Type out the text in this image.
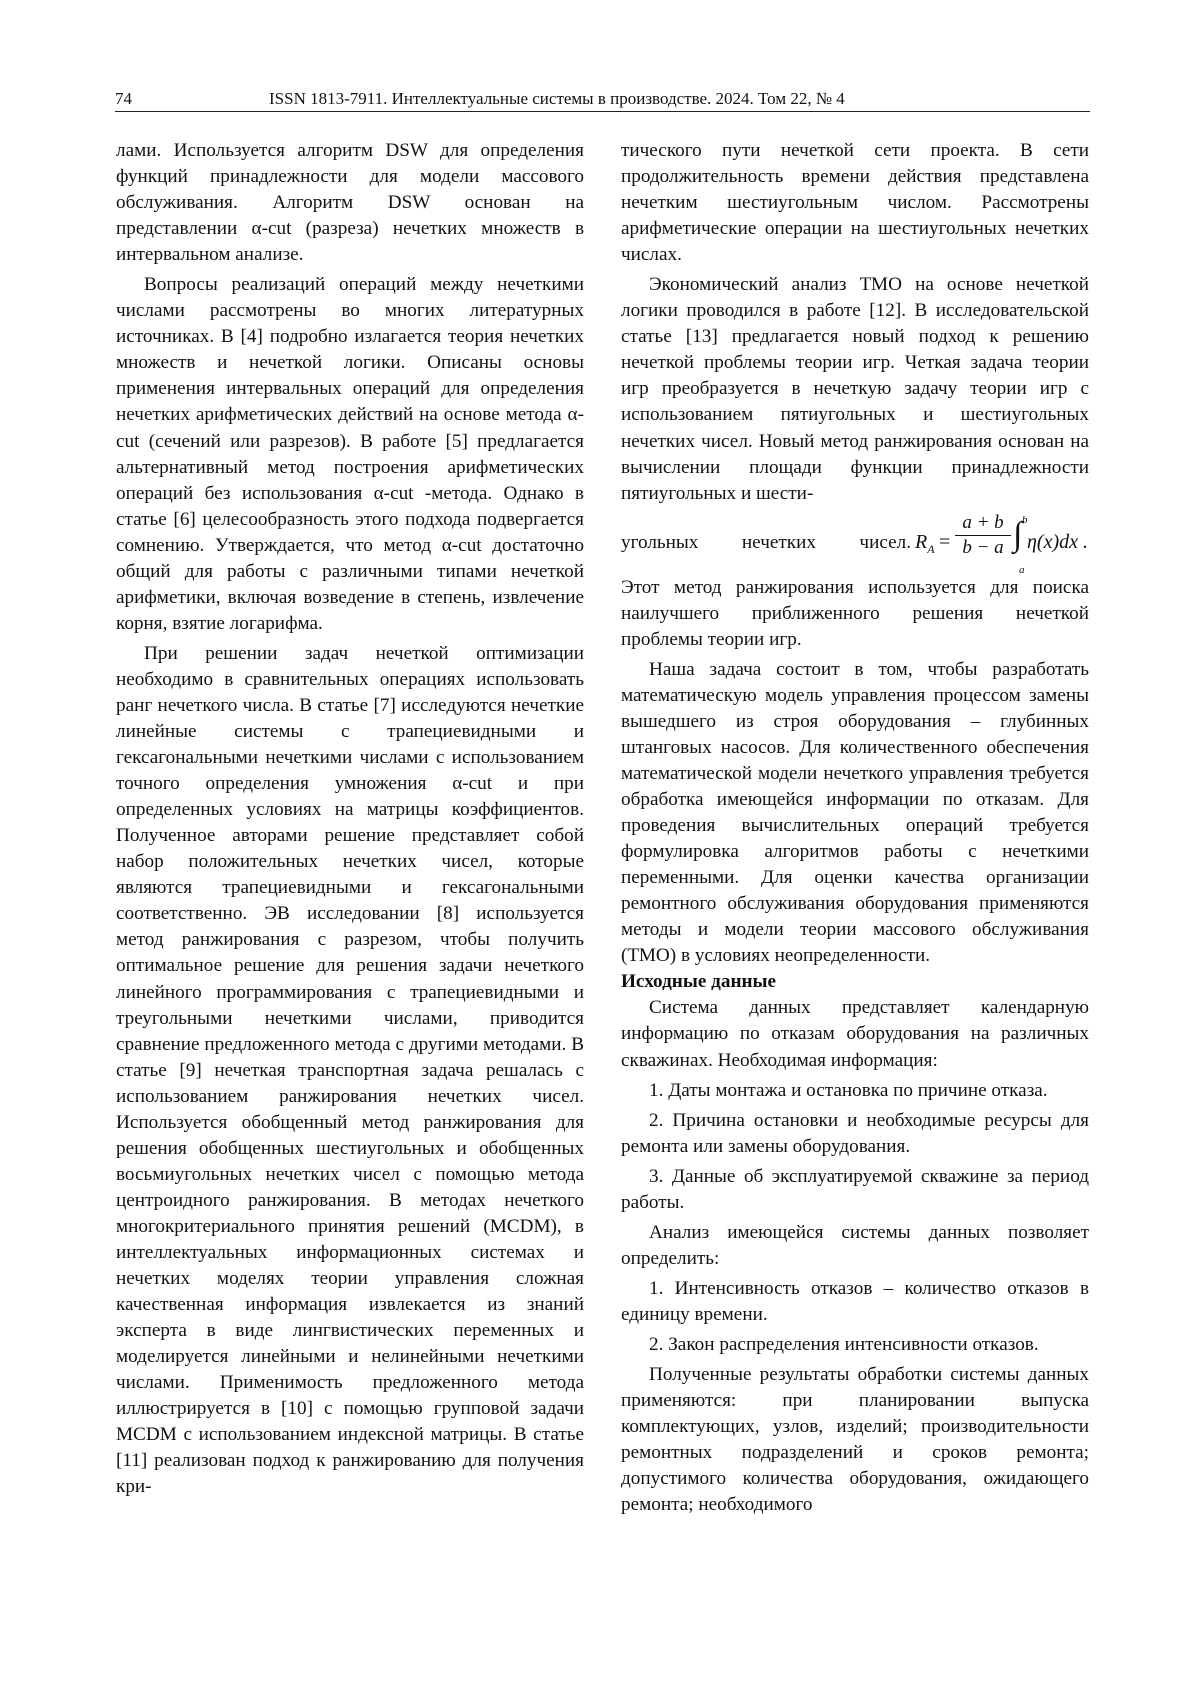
74	ISSN 1813-7911. Интеллектуальные системы в производстве. 2024. Том 22, № 4

лами. Используется алгоритм DSW для определения функций принадлежности для модели массового обслуживания. Алгоритм DSW основан на представлении α-cut (разреза) нечетких множеств в интервальном анализе.

Вопросы реализаций операций между нечеткими числами рассмотрены во многих литературных источниках. В [4] подробно излагается теория нечетких множеств и нечеткой логики. Описаны основы применения интервальных операций для определения нечетких арифметических действий на основе метода α-cut (сечений или разрезов). В работе [5] предлагается альтернативный метод построения арифметических операций без использования α-cut -метода. Однако в статье [6] целесообразность этого подхода подвергается сомнению. Утверждается, что метод α-cut достаточно общий для работы с различными типами нечеткой арифметики, включая возведение в степень, извлечение корня, взятие логарифма.

При решении задач нечеткой оптимизации необходимо в сравнительных операциях использовать ранг нечеткого числа. В статье [7] исследуются нечеткие линейные системы с трапециевидными и гексагональными нечеткими числами с использованием точного определения умножения α-cut и при определенных условиях на матрицы коэффициентов. Полученное авторами решение представляет собой набор положительных нечетких чисел, которые являются трапециевидными и гексагональными соответственно. ЭВ исследовании [8] используется метод ранжирования с разрезом, чтобы получить оптимальное решение для решения задачи нечеткого линейного программирования с трапециевидными и треугольными нечеткими числами, приводится сравнение предложенного метода с другими методами. В статье [9] нечеткая транспортная задача решалась с использованием ранжирования нечетких чисел. Используется обобщенный метод ранжирования для решения обобщенных шестиугольных и обобщенных восьмиугольных нечетких чисел с помощью метода центроидного ранжирования. В методах нечеткого многокритериального принятия решений (MCDM), в интеллектуальных информационных системах и нечетких моделях теории управления сложная качественная информация извлекается из знаний эксперта в виде лингвистических переменных и моделируется линейными и нелинейными нечеткими числами. Применимость предложенного метода иллюстрируется в [10] с помощью групповой задачи MCDM с использованием индексной матрицы. В статье [11] реализован подход к ранжированию для получения кри-

тического пути нечеткой сети проекта. В сети продолжительность времени действия представлена нечетким шестиугольным числом. Рассмотрены арифметические операции на шестиугольных нечетких числах.

Экономический анализ ТМО на основе нечеткой логики проводился в работе [12]. В исследовательской статье [13] предлагается новый подход к решению нечеткой проблемы теории игр. Четкая задача теории игр преобразуется в нечеткую задачу теории игр с использованием пятиугольных и шестиугольных нечетких чисел. Новый метод ранжирования основан на вычислении площади функции принадлежности пятиугольных и шести-

угольных нечетких чисел. $R_A$ =
a + b
b − a ∫ b
a
η(x)dx .

Этот метод ранжирования используется для поиска наилучшего приближенного решения нечеткой проблемы теории игр.

Наша задача состоит в том, чтобы разработать математическую модель управления процессом замены вышедшего из строя оборудования – глубинных штанговых насосов. Для количественного обеспечения математической модели нечеткого управления требуется обработка имеющейся информации по отказам. Для проведения вычислительных операций требуется формулировка алгоритмов работы с нечеткими переменными. Для оценки качества организации ремонтного обслуживания оборудования применяются методы и модели теории массового обслуживания (ТМО) в условиях неопределенности.

Исходные данные

Система данных представляет календарную информацию по отказам оборудования на различных скважинах. Необходимая информация:

1. Даты монтажа и остановка по причине отказа.

2. Причина остановки и необходимые ресурсы для ремонта или замены оборудования.

3. Данные об эксплуатируемой скважине за период работы.

Анализ имеющейся системы данных позволяет определить:

1. Интенсивность отказов – количество отказов в единицу времени.

2. Закон распределения интенсивности отказов.

Полученные результаты обработки системы данных применяются: при планировании выпуска комплектующих, узлов, изделий; производительности ремонтных подразделений и сроков ремонта; допустимого количества оборудования, ожидающего ремонта; необходимого
